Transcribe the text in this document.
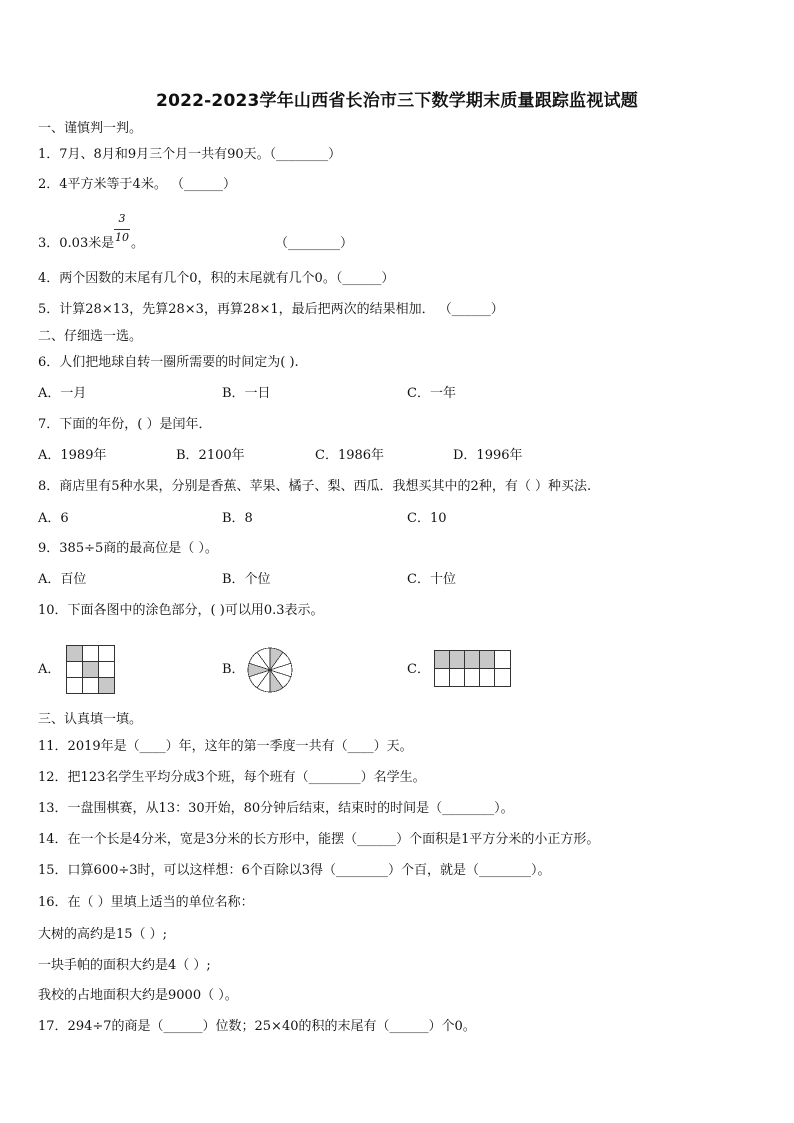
2022-2023学年山西省长治市三下数学期末质量跟踪监视试题
一、谨慎判一判。
1．7月、8月和9月三个月一共有90天。（________）
2．4平方米等于4米。 （______）
3．0.03米是
3
10 。	（________）
4．两个因数的末尾有几个0，积的末尾就有几个0。（______）
5．计算28×13，先算28×3，再算28×1，最后把两次的结果相加． （______）
二、仔细选一选。
6．人们把地球自转一圈所需要的时间定为( ).
A．一月	B．一日	C．一年
7．下面的年份，( ）是闰年．
A．1989年	B．2100年	C．1986年	D．1996年
8．商店里有5种水果，分别是香蕉、苹果、橘子、梨、西瓜．我想买其中的2种，有（ ）种买法.
A．6	B．8	C．10
9．385÷5商的最高位是（ ）。
A．百位	B．个位	C．十位
10．下面各图中的涂色部分，( )可以用0.3表示。
A．	B．	C．
三、认真填一填。
11．2019年是（____）年，这年的第一季度一共有（____）天。
12．把123名学生平均分成3个班，每个班有（________）名学生。
13．一盘围棋赛，从13：30开始，80分钟后结束，结束时的时间是（________）。
14．在一个长是4分米，宽是3分米的长方形中，能摆（______）个面积是1平方分米的小正方形。
15．口算600÷3时，可以这样想：6个百除以3得（________）个百，就是（________）。
16．在（ ）里填上适当的单位名称：
大树的高约是15（ ）;
一块手帕的面积大约是4（ ）;
我校的占地面积大约是9000（ ）。
17．294÷7的商是（______）位数；25×40的积的末尾有（______）个0。
